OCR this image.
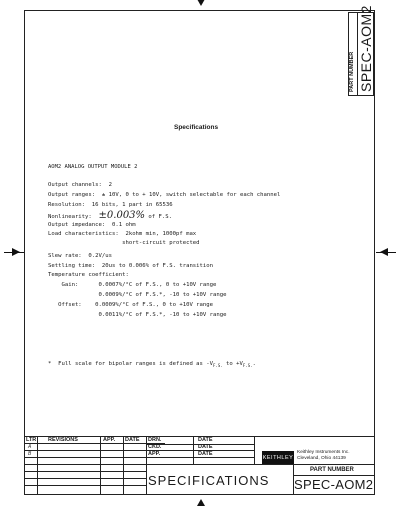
PART NUMBER SPEC-AOM2
Specifications
AOM2 ANALOG OUTPUT MODULE 2
Output channels:  2
Output ranges:  ± 10V, 0 to + 10V, switch selectable for each channel
Resolution:  16 bits, 1 part in 65536
Nonlinearity:  ±0.003% of F.S.
Output impedance:  0.1 ohm
Load characteristics:  2kohm min, 1000pf max
short-circuit protected
Slew rate:  0.2V/us
Settling time:  20us to 0.006% of F.S. transition
Temperature coefficient:
Gain:      0.0007%/°C of F.S., 0 to +10V range
0.0009%/°C of F.S.*, -10 to +10V range
Offset:    0.0009%/°C of F.S., 0 to +10V range
0.0011%/°C of F.S.*, -10 to +10V range
*  Full scale for bipolar ranges is defined as $-V_{F.S.}$ to $+V_{F.S.}$.
LTR REVISIONS	APP. DATE
A
B
DRN.
CKD.
APP.
DATE
DATE
DATE
KEITHLEY
Keithley Instruments Inc.
Cleveland, Ohio 44139
SPECIFICATIONS
PART NUMBER
SPEC-AOM2
